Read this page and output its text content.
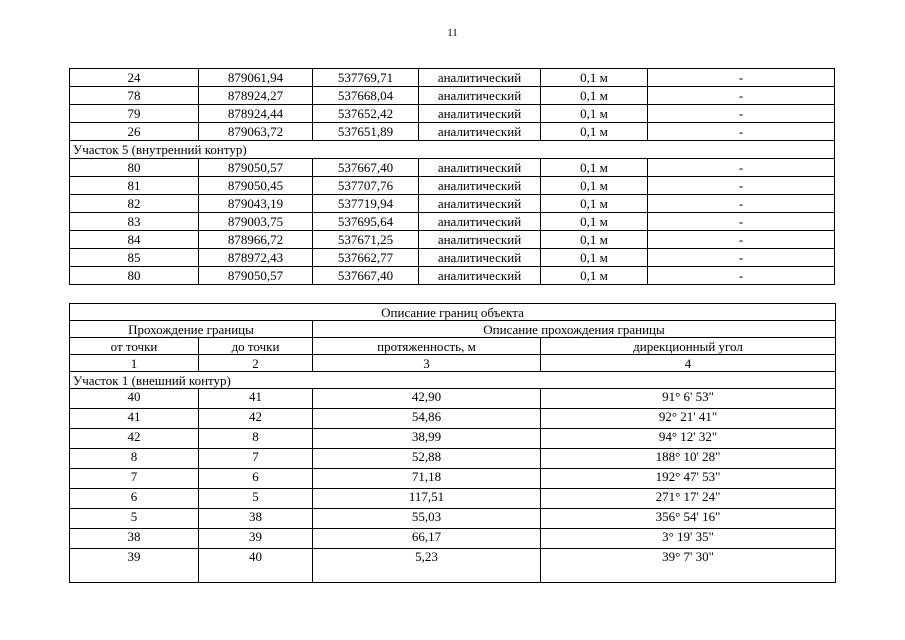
11
24	879061,94	537769,71	аналитический	0,1 м	-
78	878924,27	537668,04	аналитический	0,1 м	-
79	878924,44	537652,42	аналитический	0,1 м	-
26	879063,72	537651,89	аналитический	0,1 м	-
Участок 5 (внутренний контур)					
80	879050,57	537667,40	аналитический	0,1 м	-
81	879050,45	537707,76	аналитический	0,1 м	-
82	879043,19	537719,94	аналитический	0,1 м	-
83	879003,75	537695,64	аналитический	0,1 м	-
84	878966,72	537671,25	аналитический	0,1 м	-
85	878972,43	537662,77	аналитический	0,1 м	-
80	879050,57	537667,40	аналитический	0,1 м	-
Описание границ объекта			
Прохождение границы		Описание прохождения границы	
от точки	до точки	протяженность, м	дирекционный угол
1	2	3	4
Участок 1 (внешний контур)			
40	41	42,90	91° 6' 53"
41	42	54,86	92° 21' 41"
42	8	38,99	94° 12' 32"
8	7	52,88	188° 10' 28"
7	6	71,18	192° 47' 53"
6	5	117,51	271° 17' 24"
5	38	55,03	356° 54' 16"
38	39	66,17	3° 19' 35"
39	40	5,23	39° 7' 30"
